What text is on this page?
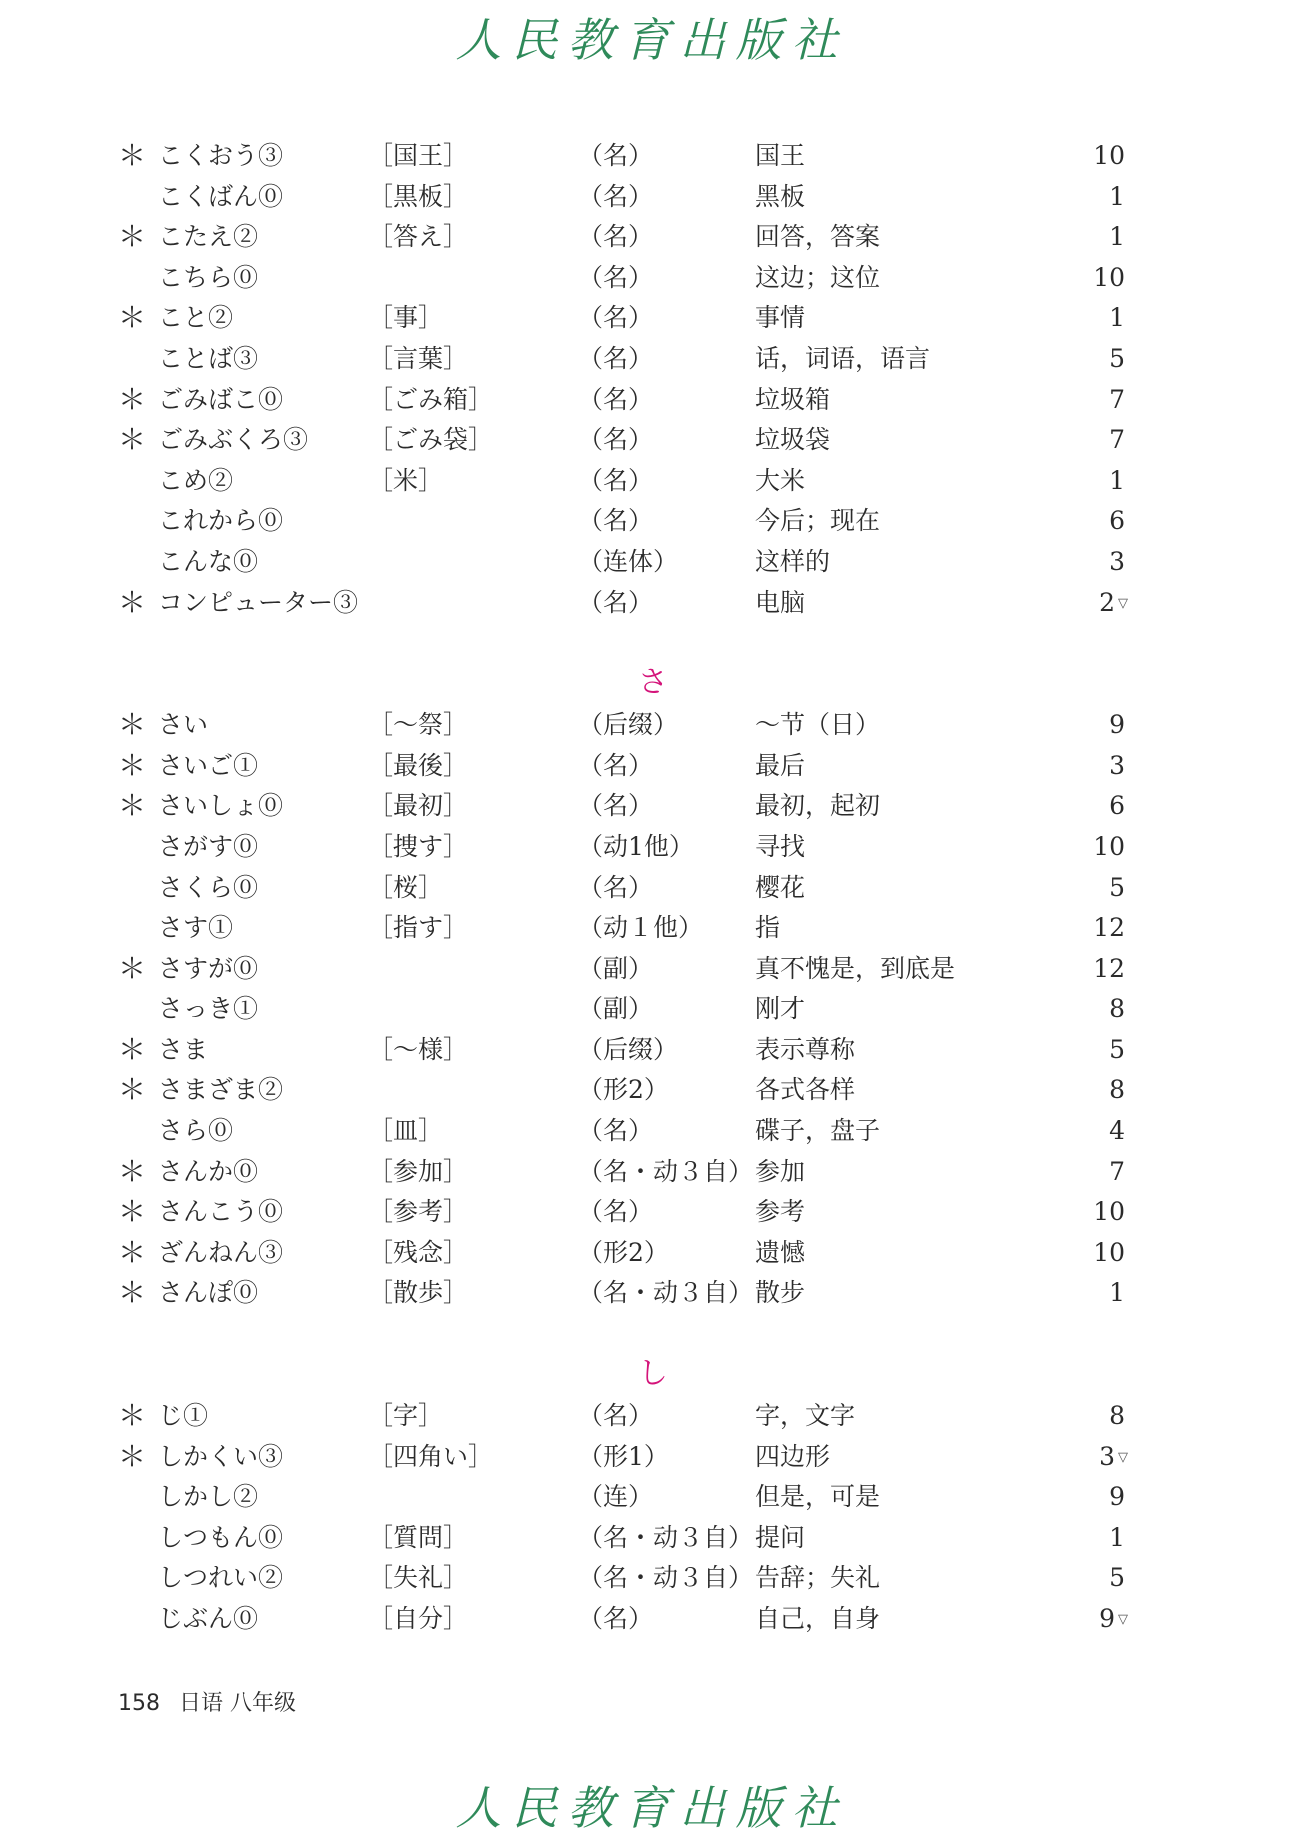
人民教育出版社
＊ こくおう③	［国王］	（名）	国王	10
こくばん⓪	［黒板］	（名）	黑板	1
＊ こたえ②	［答え］	（名）	回答，答案	1
こちら⓪	（名）	这边；这位	10
＊ こと②	［事］	（名）	事情	1
ことば③	［言葉］	（名）	话，词语，语言	5
＊ ごみばこ⓪	［ごみ箱］	（名）	垃圾箱	7
＊ ごみぶくろ③ ［ごみ袋］	（名）	垃圾袋	7
こめ②	［米］	（名）	大米	1
これから⓪	（名）	今后；现在	6
こんな⓪	（连体）	这样的	3
＊ コンピューター③	（名）	电脑	2 ▽
さ
＊ さい	［～祭］	（后缀）	～节（日）	9
＊ さいご①	［最後］	（名）	最后	3
＊ さいしょ⓪	［最初］	（名）	最初，起初	6
さがす⓪	［捜す］	（动1他） 寻找	10
さくら⓪	［桜］	（名）	樱花	5
さす①	［指す］	（动１他） 指	12
＊ さすが⓪	（副）	真不愧是，到底是	12
さっき①	（副）	刚才	8
＊ さま	［～様］	（后缀）	表示尊称	5
＊ さまざま②	（形2）	各式各样	8
さら⓪	［皿］	（名）	碟子，盘子	4
＊ さんか⓪	［参加］	（名・动３自） 参加	7
＊ さんこう⓪	［参考］	（名）	参考	10
＊ ざんねん③	［残念］	（形2）	遗憾	10
＊ さんぽ⓪	［散歩］	（名・动３自） 散步	1
し
＊ じ①	［字］	（名）	字，文字	8
＊ しかくい③	［四角い］	（形1）	四边形	3 ▽
しかし②	（连）	但是，可是	9
しつもん⓪	［質問］	（名・动３自） 提问	1
しつれい②	［失礼］	（名・动３自） 告辞；失礼	5
じぶん⓪	［自分］	（名）	自己，自身	9 ▽
158 日语 八年级
人民教育出版社
